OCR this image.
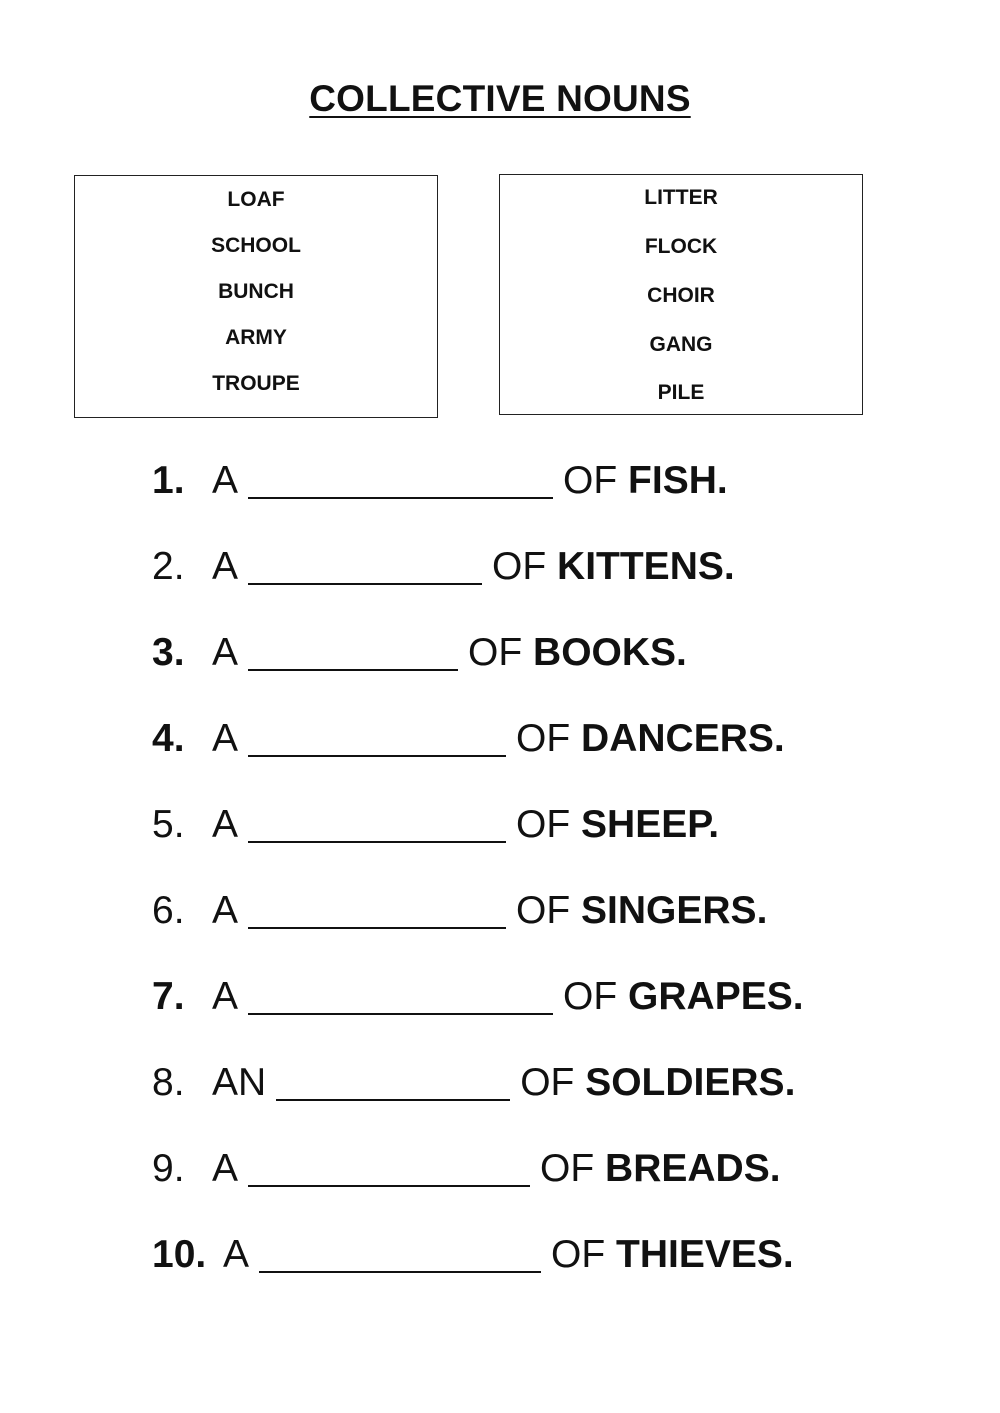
COLLECTIVE NOUNS
LOAF
SCHOOL
BUNCH
ARMY
TROUPE
LITTER
FLOCK
CHOIR
GANG
PILE
1. A	OF FISH.
2. A	OF KITTENS.
3. A	OF BOOKS.
4. A	OF DANCERS.
5. A	OF SHEEP.
6. A	OF SINGERS.
7. A	OF GRAPES.
8. AN	OF SOLDIERS.
9. A	OF BREADS.
10. A	OF THIEVES.
